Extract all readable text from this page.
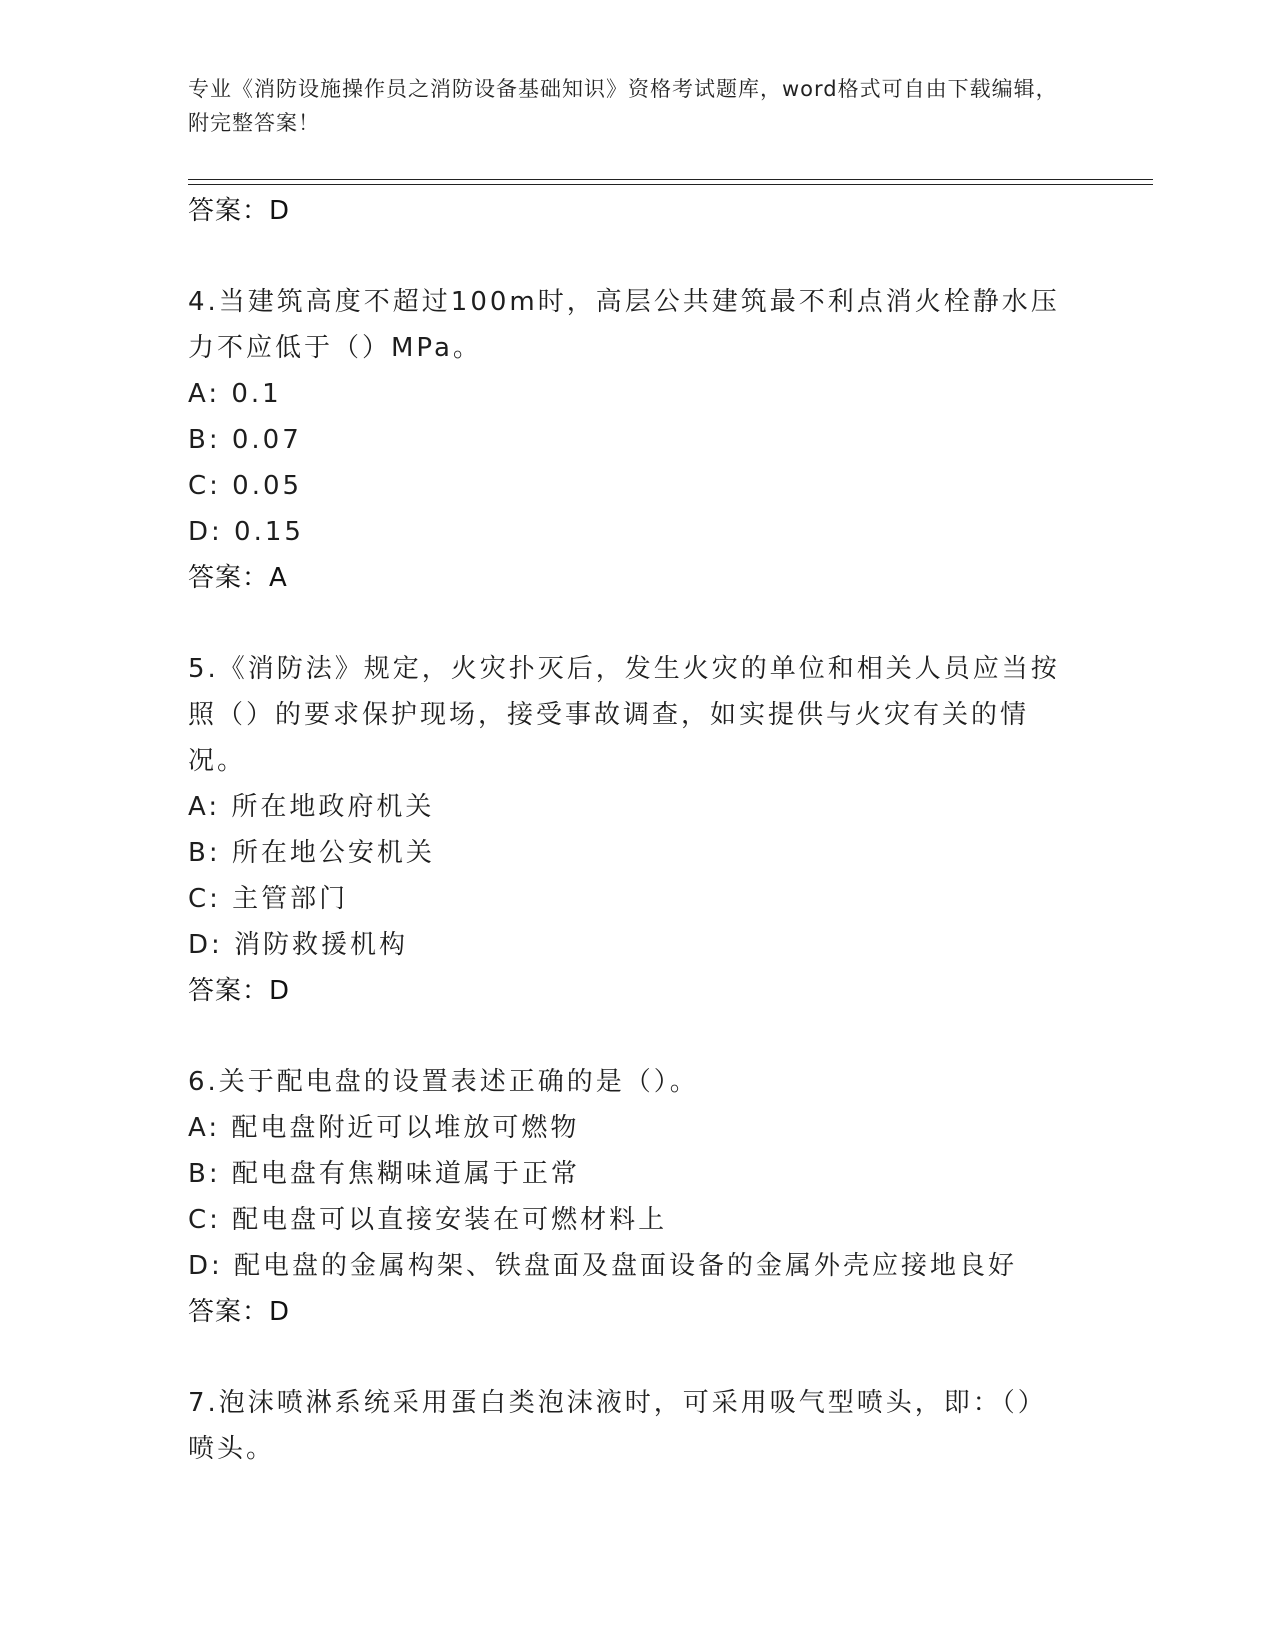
专业《消防设施操作员之消防设备基础知识》资格考试题库，word格式可自由下载编辑，附完整答案！
答案：D
4.当建筑高度不超过100m时，高层公共建筑最不利点消火栓静水压力不应低于（）MPa。
A: 0.1
B: 0.07
C: 0.05
D: 0.15
答案：A
5.《消防法》规定，火灾扑灭后，发生火灾的单位和相关人员应当按照（）的要求保护现场，接受事故调查，如实提供与火灾有关的情况。
A: 所在地政府机关
B: 所在地公安机关
C: 主管部门
D: 消防救援机构
答案：D
6.关于配电盘的设置表述正确的是（）。
A: 配电盘附近可以堆放可燃物
B: 配电盘有焦糊味道属于正常
C: 配电盘可以直接安装在可燃材料上
D: 配电盘的金属构架、铁盘面及盘面设备的金属外壳应接地良好
答案：D
7.泡沫喷淋系统采用蛋白类泡沫液时，可采用吸气型喷头，即：（）喷头。
